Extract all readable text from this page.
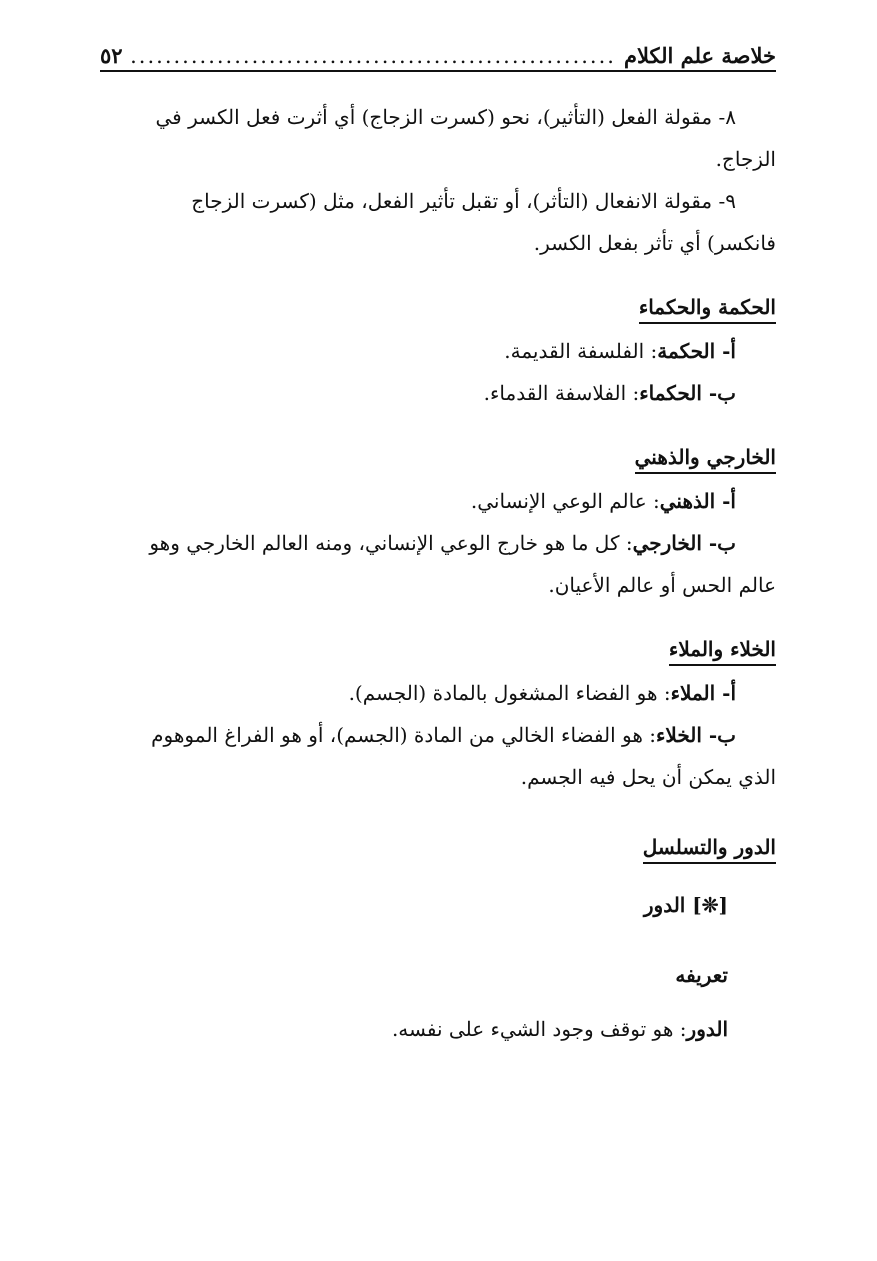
خلاصة علم الكلام
........................................................
٥٢

٨- مقولة الفعل (التأثير)، نحو (كسرت الزجاج) أي أثرت فعل الكسر في

الزجاج.

٩- مقولة الانفعال (التأثر)، أو تقبل تأثير الفعل، مثل (كسرت الزجاج

فانكسر) أي تأثر بفعل الكسر.

الحكمة والحكماء

أ- الحكمة: الفلسفة القديمة.

ب- الحكماء: الفلاسفة القدماء.

الخارجي والذهني

أ- الذهني: عالم الوعي الإنساني.

ب- الخارجي: كل ما هو خارج الوعي الإنساني، ومنه العالم الخارجي وهو

عالم الحس أو عالم الأعيان.

الخلاء والملاء

أ- الملاء: هو الفضاء المشغول بالمادة (الجسم).

ب- الخلاء: هو الفضاء الخالي من المادة (الجسم)، أو هو الفراغ الموهوم

الذي يمكن أن يحل فيه الجسم.

الدور والتسلسل

[❊] الدور

تعريفه

الدور: هو توقف وجود الشيء على نفسه.
